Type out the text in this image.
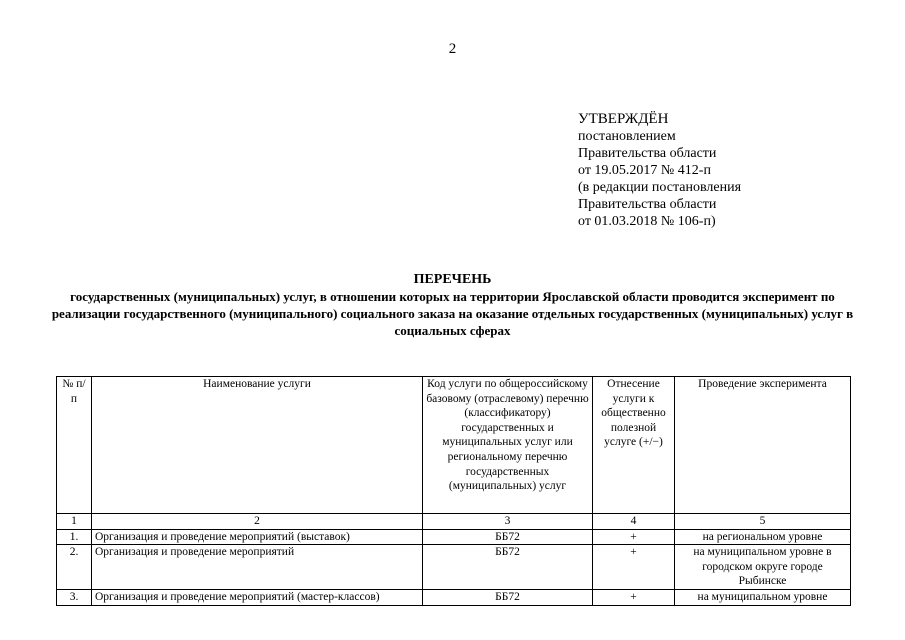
2
УТВЕРЖДЁН
постановлением
Правительства области
от 19.05.2017 № 412-п
(в редакции постановления
Правительства области
от 01.03.2018 № 106-п)
ПЕРЕЧЕНЬ
государственных (муниципальных) услуг, в отношении которых на территории Ярославской области проводится эксперимент по реализации государственного (муниципального) социального заказа на оказание отдельных государственных (муниципальных) услуг в социальных сферах
№ п/п	Наименование услуги	Код услуги по общероссийскому базовому (отраслевому) перечню (классификатору) государственных и муниципальных услуг или региональному перечню государственных (муниципальных) услуг	Отнесение услуги к общественно полезной услуге (+/−)	Проведение эксперимента
1	2	3	4	5
1.	Организация и проведение мероприятий (выставок)	ББ72	+	на региональном уровне
2.	Организация и проведение мероприятий	ББ72	+	на муниципальном уровне в городском округе городе Рыбинске
3.	Организация и проведение мероприятий (мастер-классов)	ББ72	+	на муниципальном уровне
